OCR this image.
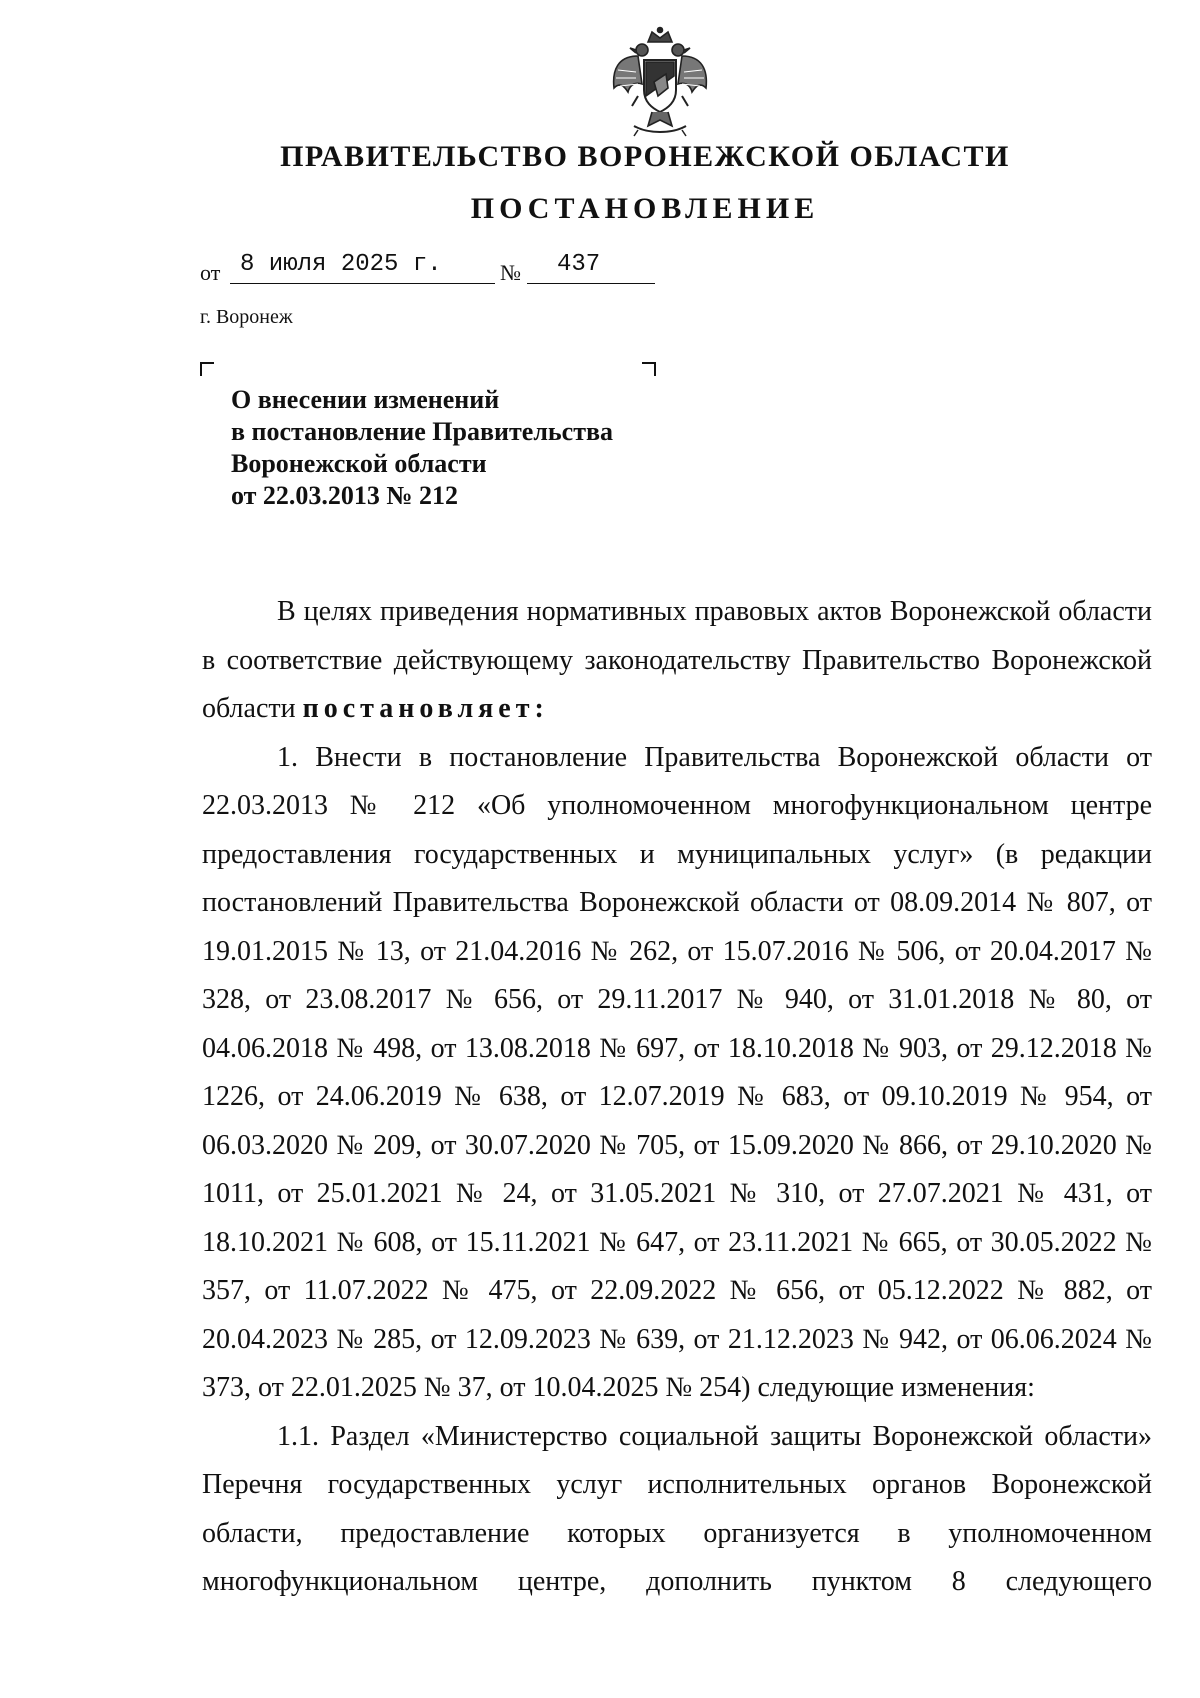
ПРАВИТЕЛЬСТВО ВОРОНЕЖСКОЙ ОБЛАСТИ
ПОСТАНОВЛЕНИЕ
от 8 июля 2025 г.	№	437
г. Воронеж
О внесении изменений
в постановление Правительства
Воронежской области
от 22.03.2013 № 212

В целях приведения нормативных правовых актов Воронежской области в соответствие действующему законодательству Правительство Воронежской области постановляет:

1. Внести в постановление Правительства Воронежской области от 22.03.2013 № 212 «Об уполномоченном многофункциональном центре предоставления государственных и муниципальных услуг» (в редакции постановлений Правительства Воронежской области от 08.09.2014 № 807, от 19.01.2015 № 13, от 21.04.2016 № 262, от 15.07.2016 № 506, от 20.04.2017 № 328, от 23.08.2017 № 656, от 29.11.2017 № 940, от 31.01.2018 № 80, от 04.06.2018 № 498, от 13.08.2018 № 697, от 18.10.2018 № 903, от 29.12.2018 № 1226, от 24.06.2019 № 638, от 12.07.2019 № 683, от 09.10.2019 № 954, от 06.03.2020 № 209, от 30.07.2020 № 705, от 15.09.2020 № 866, от 29.10.2020 № 1011, от 25.01.2021 № 24, от 31.05.2021 № 310, от 27.07.2021 № 431, от 18.10.2021 № 608, от 15.11.2021 № 647, от 23.11.2021 № 665, от 30.05.2022 № 357, от 11.07.2022 № 475, от 22.09.2022 № 656, от 05.12.2022 № 882, от 20.04.2023 № 285, от 12.09.2023 № 639, от 21.12.2023 № 942, от 06.06.2024 № 373, от 22.01.2025 № 37, от 10.04.2025 № 254) следующие изменения:

1.1. Раздел «Министерство социальной защиты Воронежской области» Перечня государственных услуг исполнительных органов Воронежской области, предоставление которых организуется в уполномоченном многофункциональном центре, дополнить пунктом 8 следующего
